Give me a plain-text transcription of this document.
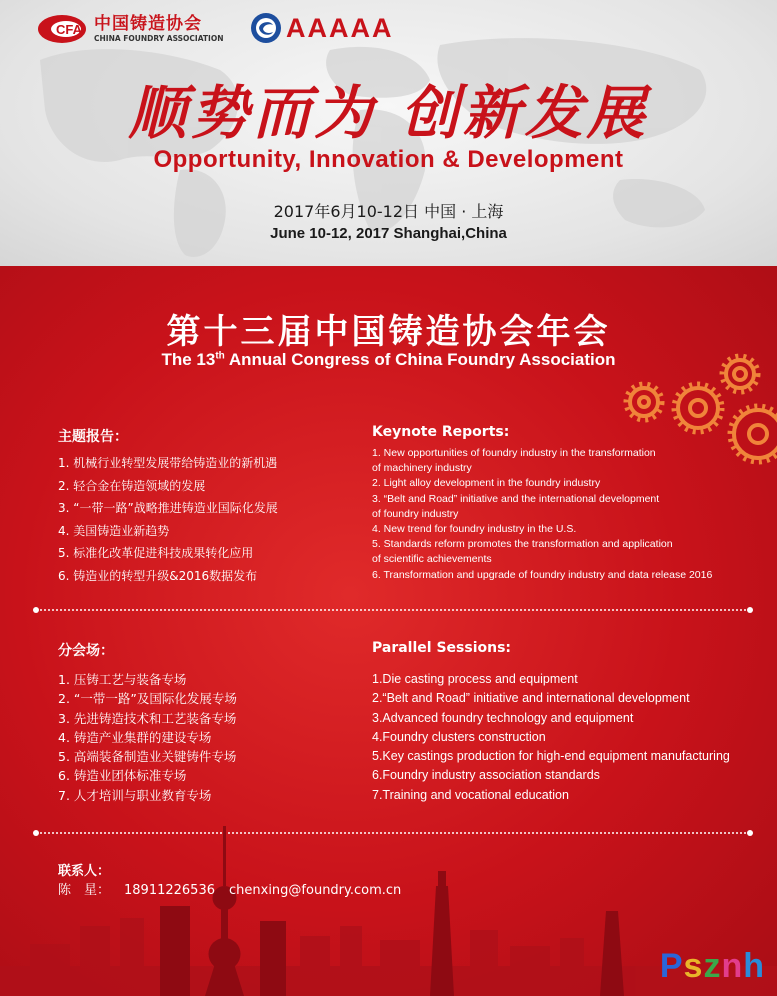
CFA 中国铸造协会
CHINA FOUNDRY ASSOCIATION AAAAA
顺势而为 创新发展
Opportunity, Innovation & Development
2017年6月10-12日 中国 · 上海
June 10-12, 2017 Shanghai,China
第十三届中国铸造协会年会
The 13th Annual Congress of China Foundry Association
主题报告：	Keynote Reports:
1. 机械行业转型发展带给铸造业的新机遇
2. 轻合金在铸造领域的发展
3. “一带一路”战略推进铸造业国际化发展
4. 美国铸造业新趋势
5. 标准化改革促进科技成果转化应用
6. 铸造业的转型升级&2016数据发布
1. New opportunities of foundry industry in the transformation
of machinery industry
2. Light alloy development in the foundry industry
3. “Belt and Road” initiative and the international development
of foundry industry
4. New trend for foundry industry in the U.S.
5. Standards reform promotes the transformation and application
of scientific achievements
6. Transformation and upgrade of foundry industry and data release 2016
分会场：	Parallel Sessions:
1. 压铸工艺与装备专场
2. “一带一路”及国际化发展专场
3. 先进铸造技术和工艺装备专场
4. 铸造产业集群的建设专场
5. 高端装备制造业关键铸件专场
6. 铸造业团体标准专场
7. 人才培训与职业教育专场
1.Die casting process and equipment
2.“Belt and Road” initiative and international development
3.Advanced foundry technology and equipment
4.Foundry clusters construction
5.Key castings production for high-end equipment manufacturing
6.Foundry industry association standards
7.Training and vocational education
联系人：
陈　星： 18911226536 chenxing@foundry.com.cn
Psznh
